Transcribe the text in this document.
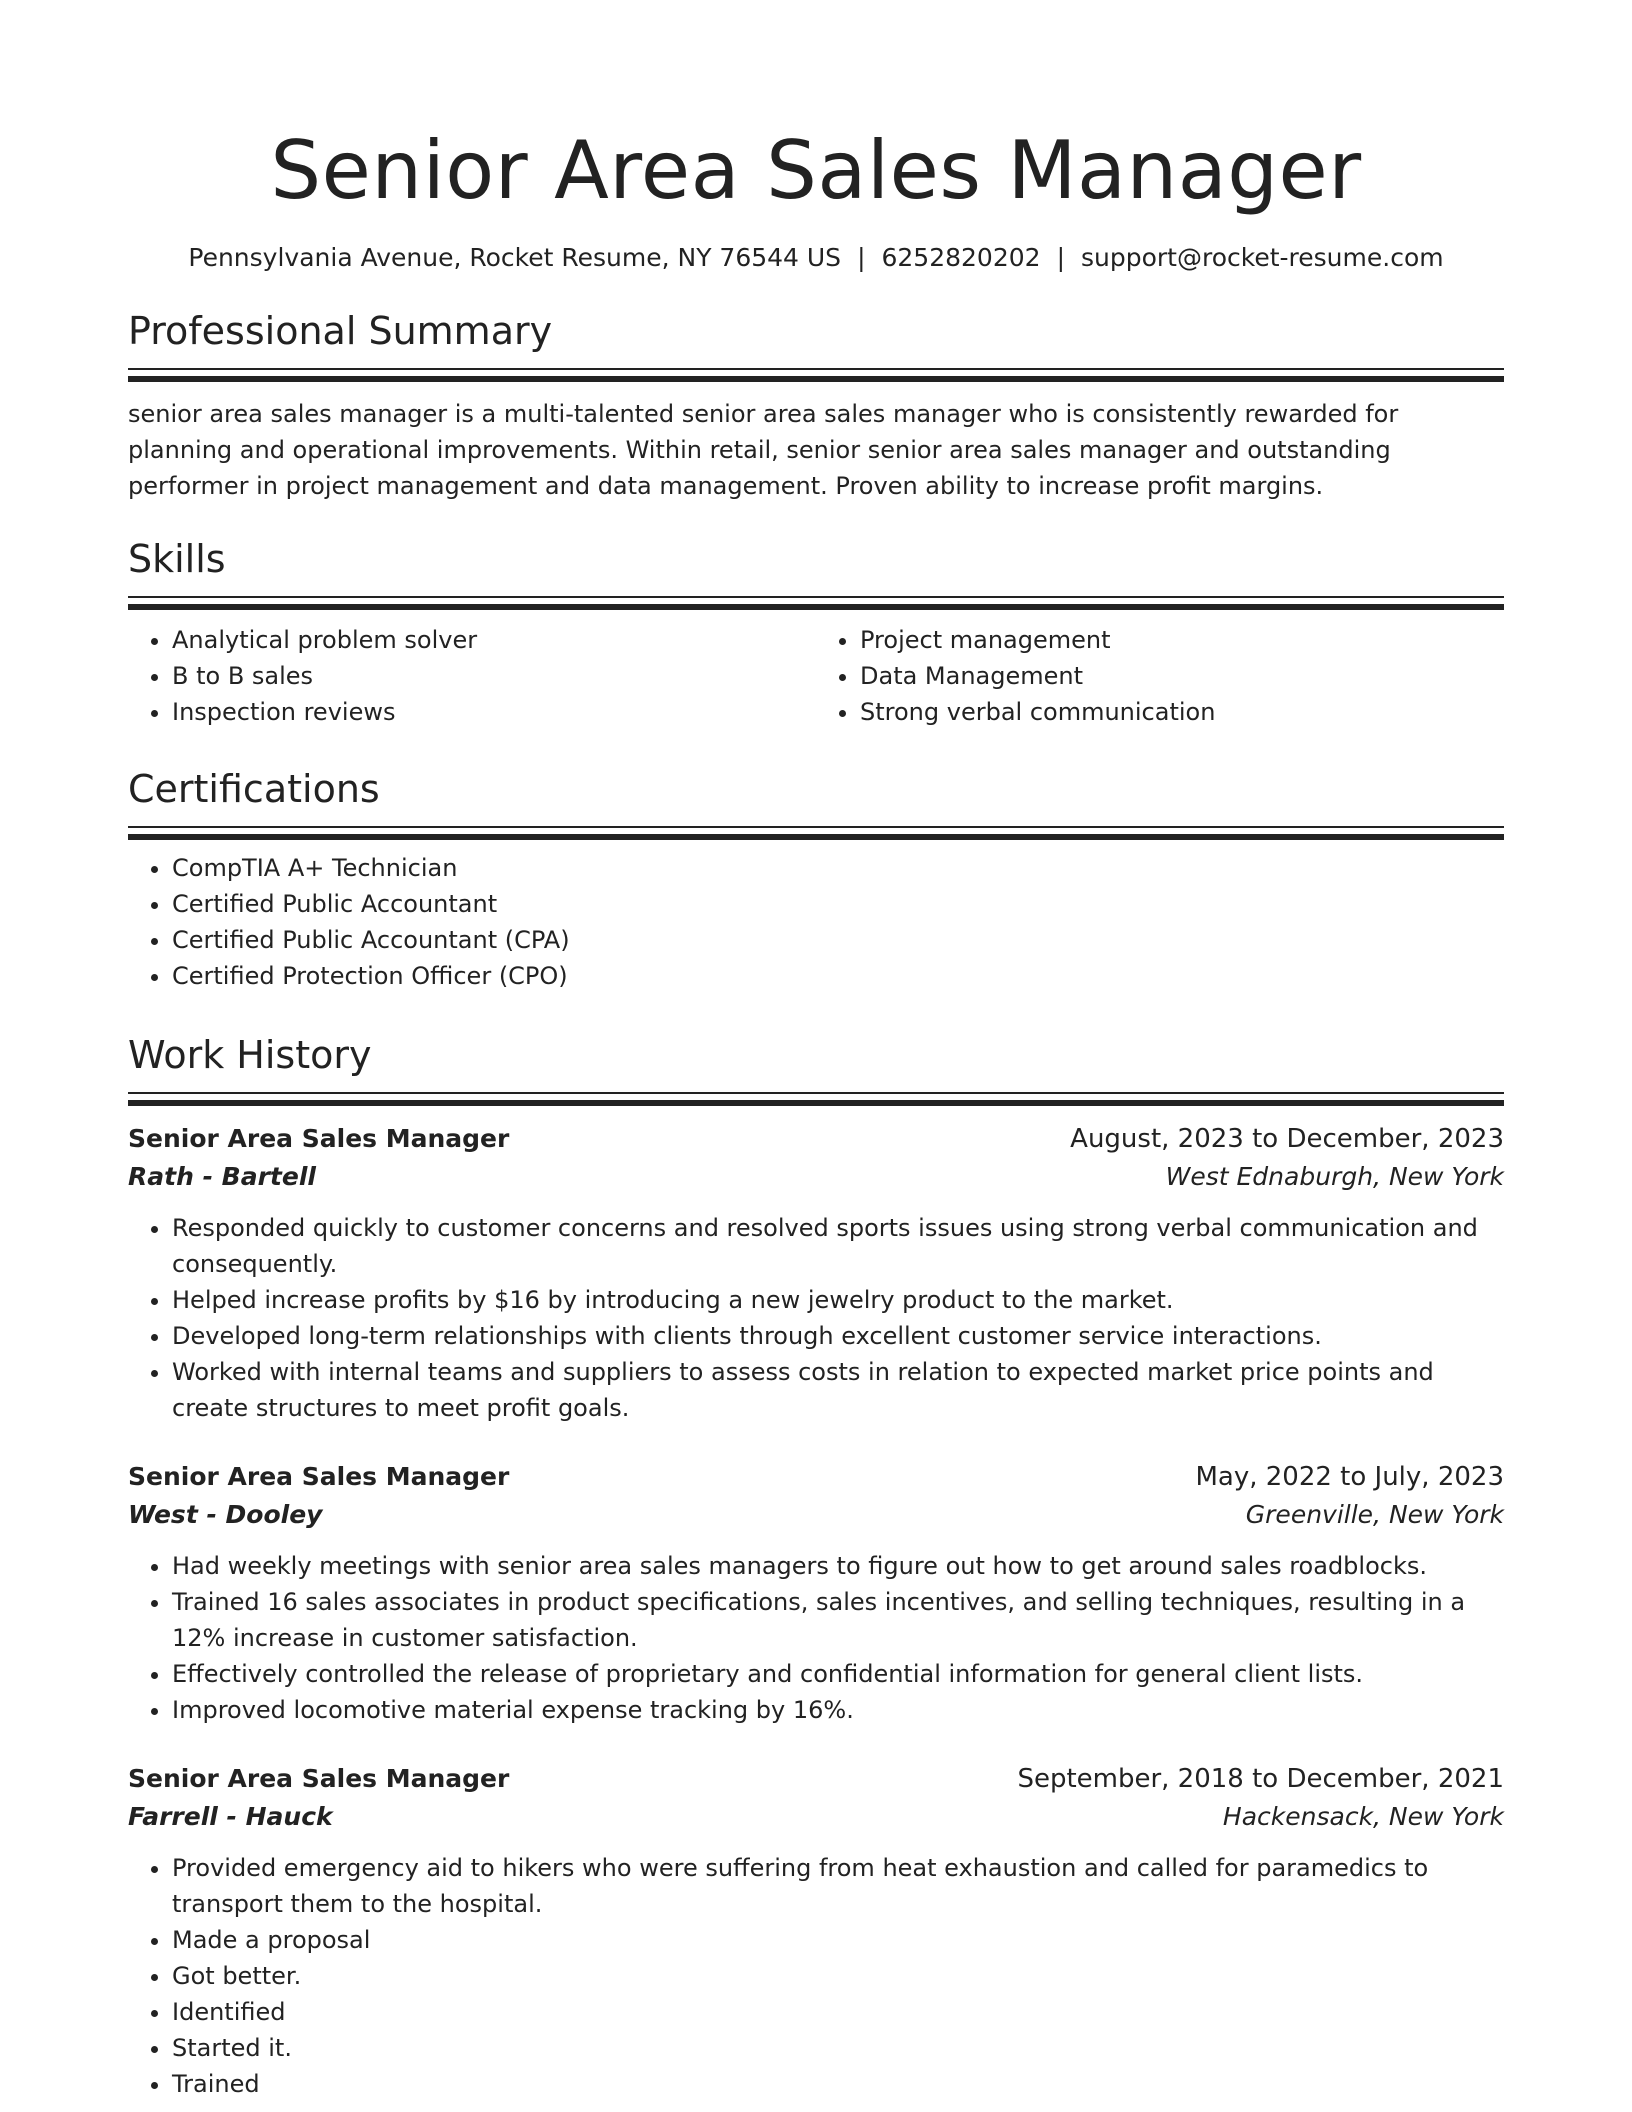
Senior Area Sales Manager
Pennsylvania Avenue, Rocket Resume, NY 76544 US | 6252820202 | support@rocket-resume.com
Professional Summary

senior area sales manager is a multi-talented senior area sales manager who is consistently rewarded for planning and operational improvements. Within retail, senior senior area sales manager and outstanding performer in project management and data management. Proven ability to increase profit margins.

Skills
• Analytical problem solver
• B to B sales
• Inspection reviews
• Project management
• Data Management
• Strong verbal communication
Certifications
• CompTIA A+ Technician
• Certified Public Accountant
• Certified Public Accountant (CPA)
• Certified Protection Officer (CPO)
Work History
Senior Area Sales Manager	August, 2023 to December, 2023
Rath - Bartell	West Ednaburgh, New York
• Responded quickly to customer concerns and resolved sports issues using strong verbal communication and consequently.
• Helped increase profits by $16 by introducing a new jewelry product to the market.
• Developed long-term relationships with clients through excellent customer service interactions.
• Worked with internal teams and suppliers to assess costs in relation to expected market price points and create structures to meet profit goals.
Senior Area Sales Manager	May, 2022 to July, 2023
West - Dooley	Greenville, New York
• Had weekly meetings with senior area sales managers to figure out how to get around sales roadblocks.
• Trained 16 sales associates in product specifications, sales incentives, and selling techniques, resulting in a 12% increase in customer satisfaction.
• Effectively controlled the release of proprietary and confidential information for general client lists.
• Improved locomotive material expense tracking by 16%.
Senior Area Sales Manager	September, 2018 to December, 2021
Farrell - Hauck	Hackensack, New York
• Provided emergency aid to hikers who were suffering from heat exhaustion and called for paramedics to transport them to the hospital.
• Made a proposal
• Got better.
• Identified
• Started it.
• Trained
